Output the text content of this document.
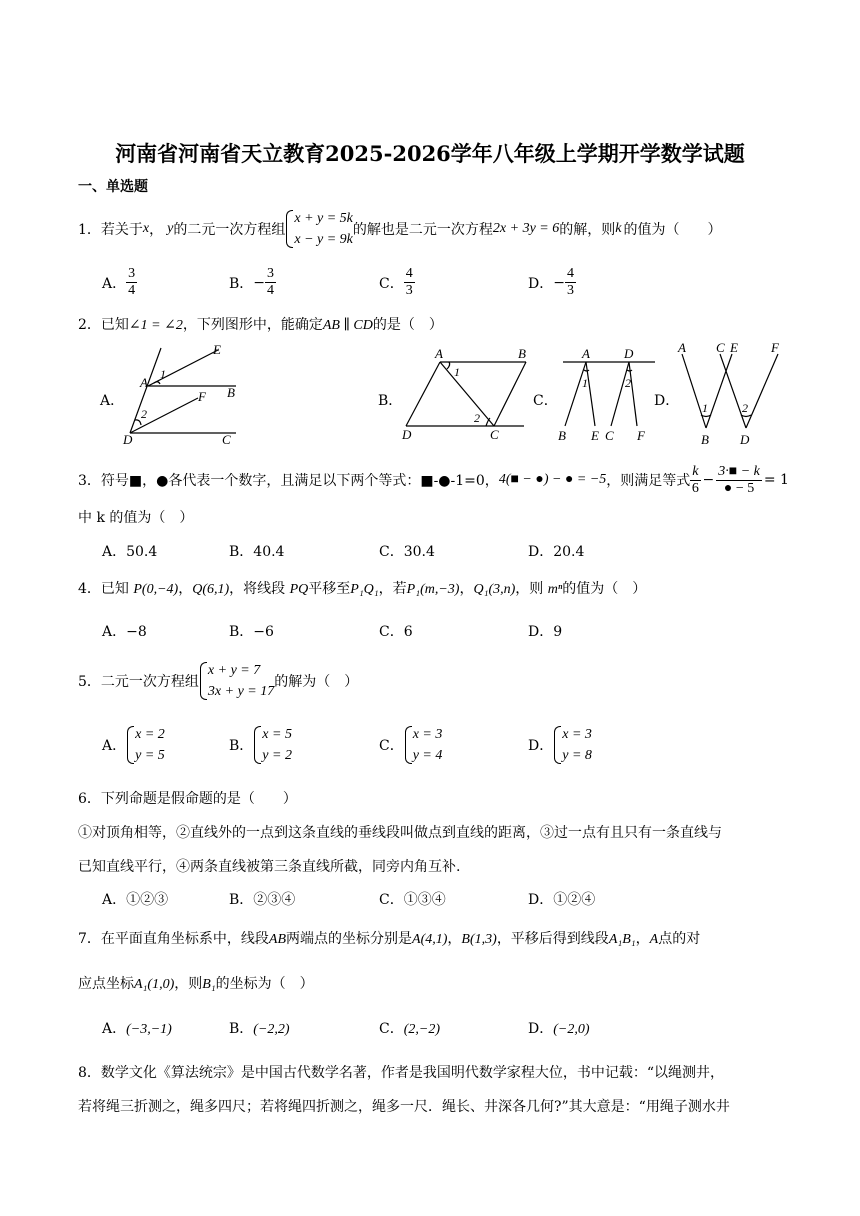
河南省河南省天立教育2025-2026学年八年级上学期开学数学试题
一、单选题
1．若关于 x ， y 的二元一次方程组
x + y = 5k
x − y = 9k
的解也是二元一次方程 2x + 3y = 6 的解，则 k 的值为（　　）
A． $\frac{3}{4}$	B． − $\frac{3}{4}$	C． $\frac{4}{3}$	D． − $\frac{4}{3}$
2．已知∠1 = ∠2，下列图形中，能确定AB ∥ CD的是（　）
A．
E
A
1
B
F
2
D	C
B．
A	B
1
2
D	C
C．
A	D
1	2
B E C F
D．
A C E	F
1	2
B D
3．符号■，●各代表一个数字，且满足以下两个等式：■-●-1=0， 4(■ − ●) − ● = −5 ，则满足等式 $\frac{k}{6} - \frac{3\cdot■ - k}{● - 5} = 1$
中 k 的值为（　）
A．50.4	B．40.4	C．30.4	D．20.4
4．已知 P(0,−4)，Q(6,1)，将线段 PQ平移至P₁Q₁，若P₁(m,−3)，Q₁(3,n)，则 mⁿ的值为（　）
A．−8	B．−6	C．6	D．9
5．二元一次方程组
x + y = 7
3x + y = 17
的解为（　）
A．
x = 2
y = 5
B．
x = 5
y = 2
C．
x = 3
y = 4
D．
x = 3
y = 8
6．下列命题是假命题的是（　　）
①对顶角相等，②直线外的一点到这条直线的垂线段叫做点到直线的距离，③过一点有且只有一条直线与
已知直线平行，④两条直线被第三条直线所截，同旁内角互补.
A．①②③	B．②③④	C．①③④	D．①②④
7．在平面直角坐标系中，线段AB两端点的坐标分别是A(4,1)，B(1,3)，平移后得到线段A₁B₁，A点的对
应点坐标A₁(1,0)，则B₁的坐标为（　）
A．(−3,−1)	B．(−2,2)	C．(2,−2)	D．(−2,0)
8．数学文化《算法统宗》是中国古代数学名著，作者是我国明代数学家程大位，书中记载：“以绳测井，
若将绳三折测之，绳多四尺；若将绳四折测之，绳多一尺．绳长、井深各几何?”其大意是：“用绳子测水井
